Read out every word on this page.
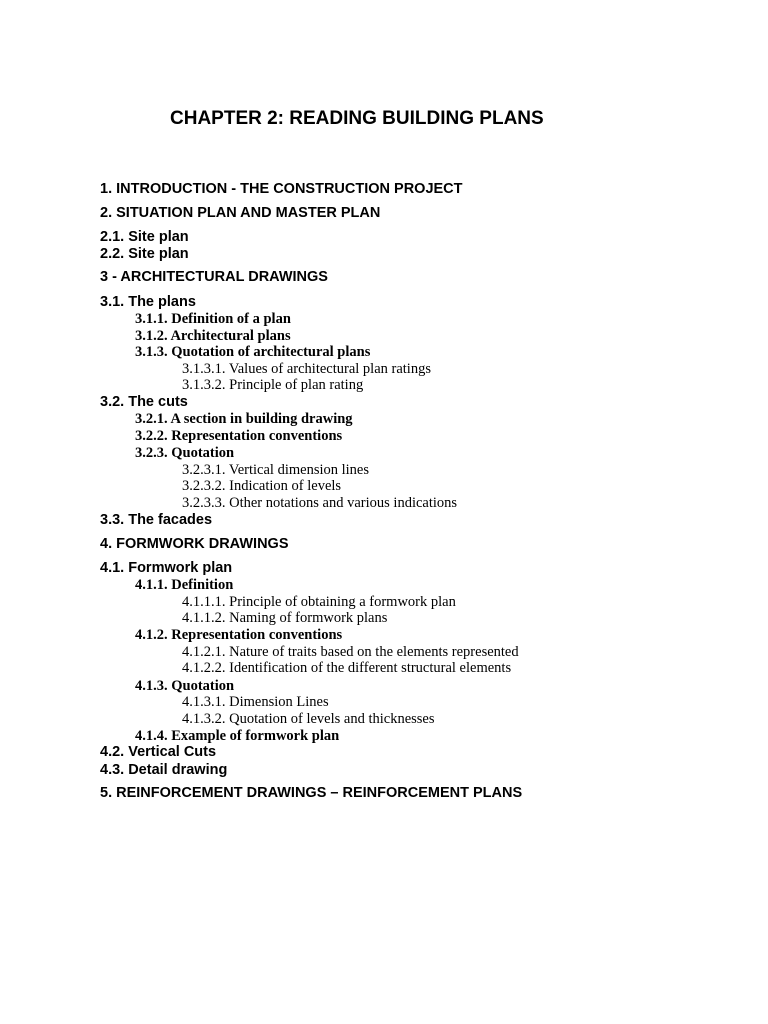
CHAPTER 2: READING BUILDING PLANS
1. INTRODUCTION - THE CONSTRUCTION PROJECT
2. SITUATION PLAN AND MASTER PLAN
2.1. Site plan
2.2. Site plan
3 - ARCHITECTURAL DRAWINGS
3.1. The plans
3.1.1. Definition of a plan
3.1.2. Architectural plans
3.1.3. Quotation of architectural plans
3.1.3.1. Values of architectural plan ratings
3.1.3.2. Principle of plan rating
3.2. The cuts
3.2.1. A section in building drawing
3.2.2. Representation conventions
3.2.3. Quotation
3.2.3.1. Vertical dimension lines
3.2.3.2. Indication of levels
3.2.3.3. Other notations and various indications
3.3. The facades
4. FORMWORK DRAWINGS
4.1. Formwork plan
4.1.1. Definition
4.1.1.1. Principle of obtaining a formwork plan
4.1.1.2. Naming of formwork plans
4.1.2. Representation conventions
4.1.2.1. Nature of traits based on the elements represented
4.1.2.2. Identification of the different structural elements
4.1.3. Quotation
4.1.3.1. Dimension Lines
4.1.3.2. Quotation of levels and thicknesses
4.1.4. Example of formwork plan
4.2. Vertical Cuts
4.3. Detail drawing
5. REINFORCEMENT DRAWINGS – REINFORCEMENT PLANS
